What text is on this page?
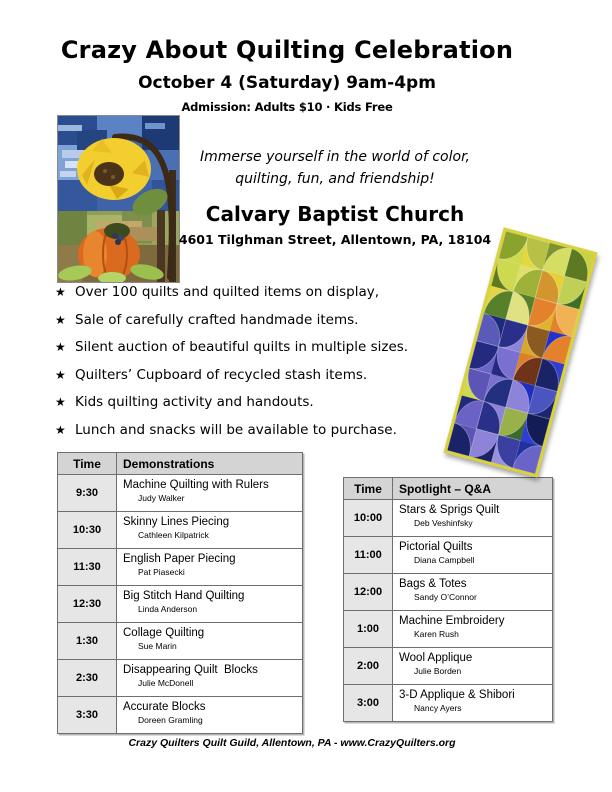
Crazy About Quilting Celebration
October 4 (Saturday) 9am-4pm
Admission: Adults $10 · Kids Free
Immerse yourself in the world of color,
quilting, fun, and friendship!
Calvary Baptist Church
4601 Tilghman Street, Allentown, PA, 18104
★ Over 100 quilts and quilted items on display,
★ Sale of carefully crafted handmade items.
★ Silent auction of beautiful quilts in multiple sizes.
★ Quilters’ Cupboard of recycled stash items.
★ Kids quilting activity and handouts.
★ Lunch and snacks will be available to purchase.
Time	Demonstrations
9:30	Machine Quilting with Rulers
Judy Walker

10:30	Skinny Lines Piecing
Cathleen Kilpatrick

11:30	English Paper Piecing
Pat Piasecki

12:30	Big Stitch Hand Quilting
Linda Anderson

1:30	Collage Quilting
Sue Marin

2:30	Disappearing Quilt  Blocks
Julie McDonell

3:30	Accurate Blocks
Doreen Gramling
Time	Spotlight – Q&A
10:00	Stars & Sprigs Quilt
Deb Veshinfsky

11:00	Pictorial Quilts
Diana Campbell

12:00	Bags & Totes
Sandy O’Connor

1:00	Machine Embroidery
Karen Rush

2:00	Wool Applique
Julie Borden

3:00	3-D Applique & Shibori
Nancy Ayers
Crazy Quilters Quilt Guild, Allentown, PA - www.CrazyQuilters.org
